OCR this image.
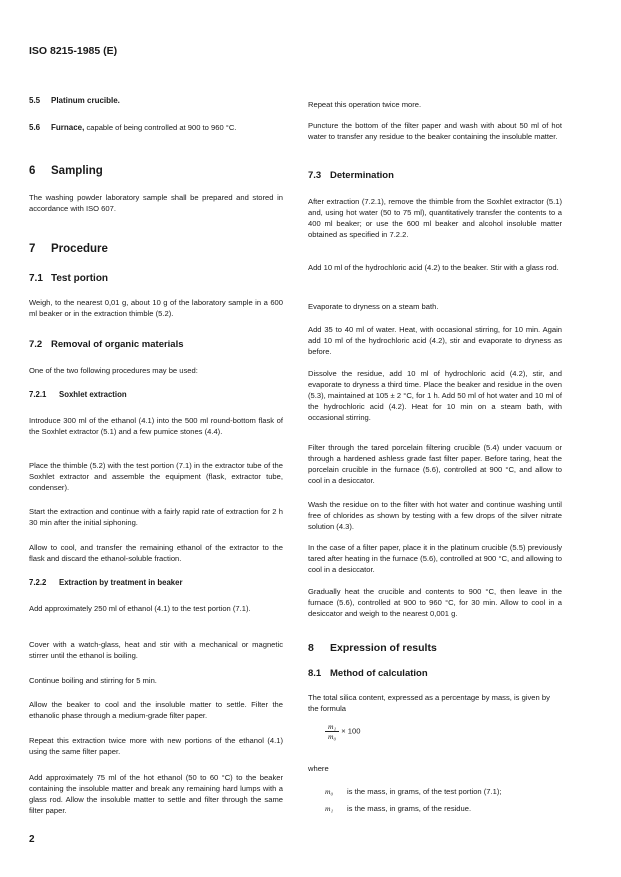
ISO 8215-1985 (E)
5.5 Platinum crucible.
5.6 Furnace, capable of being controlled at 900 to 960 °C.
6 Sampling
The washing powder laboratory sample shall be prepared and stored in accordance with ISO 607.
7 Procedure
7.1 Test portion
Weigh, to the nearest 0,01 g, about 10 g of the laboratory sample in a 600 ml beaker or in the extraction thimble (5.2).
7.2 Removal of organic materials
One of the two following procedures may be used:
7.2.1 Soxhlet extraction
Introduce 300 ml of the ethanol (4.1) into the 500 ml round-bottom flask of the Soxhlet extractor (5.1) and a few pumice stones (4.4).
Place the thimble (5.2) with the test portion (7.1) in the extractor tube of the Soxhlet extractor and assemble the equipment (flask, extractor tube, condenser).
Start the extraction and continue with a fairly rapid rate of extraction for 2 h 30 min after the initial siphoning.
Allow to cool, and transfer the remaining ethanol of the extractor to the flask and discard the ethanol-soluble fraction.
7.2.2 Extraction by treatment in beaker
Add approximately 250 ml of ethanol (4.1) to the test portion (7.1).
Cover with a watch-glass, heat and stir with a mechanical or magnetic stirrer until the ethanol is boiling.
Continue boiling and stirring for 5 min.
Allow the beaker to cool and the insoluble matter to settle. Filter the ethanolic phase through a medium-grade filter paper.
Repeat this extraction twice more with new portions of the ethanol (4.1) using the same filter paper.
Add approximately 75 ml of the hot ethanol (50 to 60 °C) to the beaker containing the insoluble matter and break any remaining hard lumps with a glass rod. Allow the insoluble matter to settle and filter through the same filter paper.
2
Repeat this operation twice more.
Puncture the bottom of the filter paper and wash with about 50 ml of hot water to transfer any residue to the beaker containing the insoluble matter.
7.3 Determination
After extraction (7.2.1), remove the thimble from the Soxhlet extractor (5.1) and, using hot water (50 to 75 ml), quantitatively transfer the contents to a 400 ml beaker; or use the 600 ml beaker and alcohol insoluble matter obtained as specified in 7.2.2.
Add 10 ml of the hydrochloric acid (4.2) to the beaker. Stir with a glass rod.
Evaporate to dryness on a steam bath.
Add 35 to 40 ml of water. Heat, with occasional stirring, for 10 min. Again add 10 ml of the hydrochloric acid (4.2), stir and evaporate to dryness as before.
Dissolve the residue, add 10 ml of hydrochloric acid (4.2), stir, and evaporate to dryness a third time. Place the beaker and residue in the oven (5.3), maintained at 105 ± 2 °C, for 1 h. Add 50 ml of hot water and 10 ml of the hydrochloric acid (4.2). Heat for 10 min on a steam bath, with occasional stirring.
Filter through the tared porcelain filtering crucible (5.4) under vacuum or through a hardened ashless grade fast filter paper. Before taring, heat the porcelain crucible in the furnace (5.6), controlled at 900 °C, and allow to cool in a desiccator.
Wash the residue on to the filter with hot water and continue washing until free of chlorides as shown by testing with a few drops of the silver nitrate solution (4.3).
In the case of a filter paper, place it in the platinum crucible (5.5) previously tared after heating in the furnace (5.6), controlled at 900 °C, and allowing to cool in a desiccator.
Gradually heat the crucible and contents to 900 °C, then leave in the furnace (5.6), controlled at 900 to 960 °C, for 30 min. Allow to cool in a desiccator and weigh to the nearest 0,001 g.
8 Expression of results
8.1 Method of calculation
The total silica content, expressed as a percentage by mass, is given by the formula
$\frac{\text{m₁}}{\text{m₀}} \times 100$
where
m₀ is the mass, in grams, of the test portion (7.1);
m₁ is the mass, in grams, of the residue.
